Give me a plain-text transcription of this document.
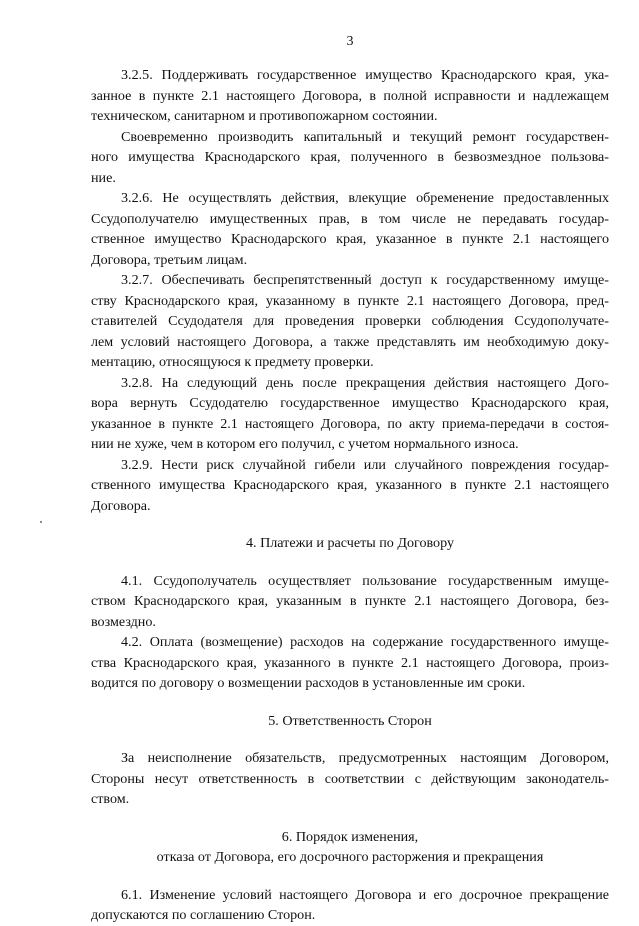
3
3.2.5. Поддерживать государственное имущество Краснодарского края, ука-
занное в пункте 2.1 настоящего Договора, в полной исправности и надлежащем
техническом, санитарном и противопожарном состоянии.
Своевременно производить капитальный и текущий ремонт государствен-
ного имущества Краснодарского края, полученного в безвозмездное пользова-
ние.
3.2.6. Не осуществлять действия, влекущие обременение предоставленных
Ссудополучателю имущественных прав, в том числе не передавать государ-
ственное имущество Краснодарского края, указанное в пункте 2.1 настоящего
Договора, третьим лицам.
3.2.7. Обеспечивать беспрепятственный доступ к государственному имуще-
ству Краснодарского края, указанному в пункте 2.1 настоящего Договора, пред-
ставителей Ссудодателя для проведения проверки соблюдения Ссудополучате-
лем условий настоящего Договора, а также представлять им необходимую доку-
ментацию, относящуюся к предмету проверки.
3.2.8. На следующий день после прекращения действия настоящего Дого-
вора вернуть Ссудодателю государственное имущество Краснодарского края,
указанное в пункте 2.1 настоящего Договора, по акту приема-передачи в состоя-
нии не хуже, чем в котором его получил, с учетом нормального износа.
3.2.9. Нести риск случайной гибели или случайного повреждения государ-
ственного имущества Краснодарского края, указанного в пункте 2.1 настоящего
Договора.
4. Платежи и расчеты по Договору
4.1. Ссудополучатель осуществляет пользование государственным имуще-
ством Краснодарского края, указанным в пункте 2.1 настоящего Договора, без-
возмездно.
4.2. Оплата (возмещение) расходов на содержание государственного имуще-
ства Краснодарского края, указанного в пункте 2.1 настоящего Договора, произ-
водится по договору о возмещении расходов в установленные им сроки.
5. Ответственность Сторон
За неисполнение обязательств, предусмотренных настоящим Договором,
Стороны несут ответственность в соответствии с действующим законодатель-
ством.
6. Порядок изменения,
отказа от Договора, его досрочного расторжения и прекращения
6.1. Изменение условий настоящего Договора и его досрочное прекращение
допускаются по соглашению Сторон.
